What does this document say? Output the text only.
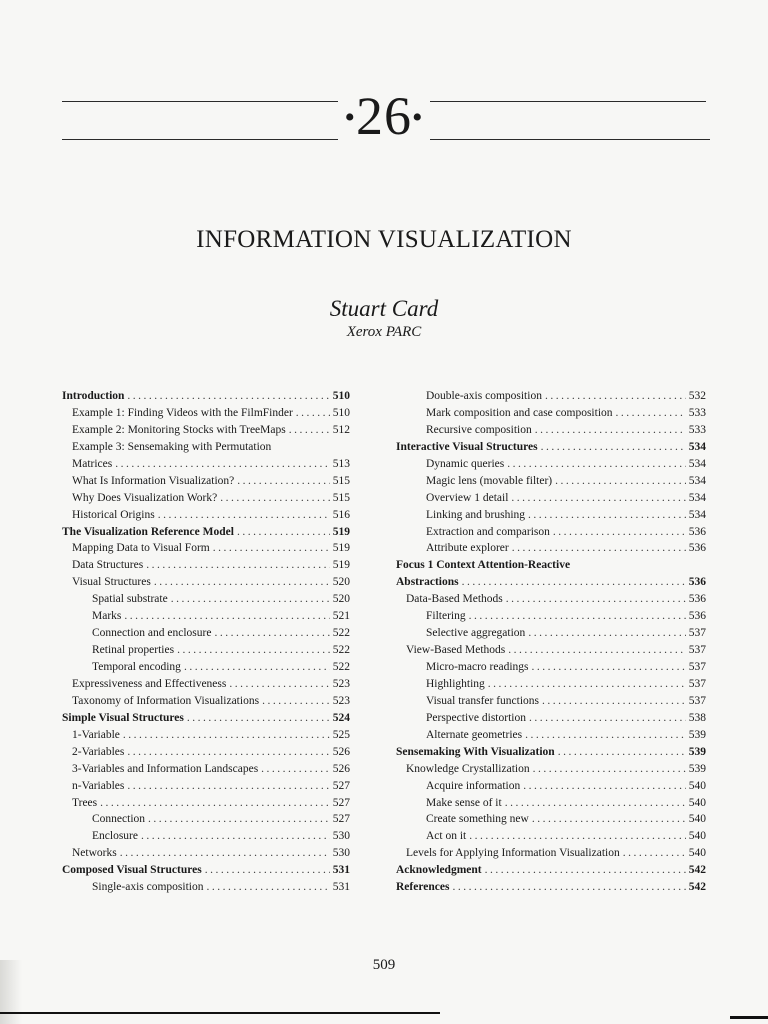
•26•
INFORMATION VISUALIZATION
Stuart Card
Xerox PARC
Introduction .....	510
Example 1: Finding Videos with the FilmFinder .....	510
Example 2: Monitoring Stocks with TreeMaps .....	512
Example 3: Sensemaking with Permutation
Matrices .....	513
What Is Information Visualization? .....	515
Why Does Visualization Work? .....	515
Historical Origins .....	516
The Visualization Reference Model .....	519
Mapping Data to Visual Form .....	519
Data Structures .....	519
Visual Structures .....	520
Spatial substrate .....	520
Marks .....	521
Connection and enclosure .....	522
Retinal properties .....	522
Temporal encoding .....	522
Expressiveness and Effectiveness .....	523
Taxonomy of Information Visualizations .....	523
Simple Visual Structures .....	524
1-Variable .....	525
2-Variables .....	526
3-Variables and Information Landscapes .....	526
n-Variables .....	527
Trees .....	527
Connection .....	527
Enclosure .....	530
Networks .....	530
Composed Visual Structures .....	531
Single-axis composition .....	531
Double-axis composition .....	532
Mark composition and case composition .....	533
Recursive composition .....	533
Interactive Visual Structures .....	534
Dynamic queries .....	534
Magic lens (movable filter) .....	534
Overview 1 detail .....	534
Linking and brushing .....	534
Extraction and comparison .....	536
Attribute explorer .....	536
Focus 1 Context Attention-Reactive
Abstractions .....	536
Data-Based Methods .....	536
Filtering .....	536
Selective aggregation .....	537
View-Based Methods .....	537
Micro-macro readings .....	537
Highlighting .....	537
Visual transfer functions .....	537
Perspective distortion .....	538
Alternate geometries .....	539
Sensemaking With Visualization .....	539
Knowledge Crystallization .....	539
Acquire information .....	540
Make sense of it .....	540
Create something new .....	540
Act on it .....	540
Levels for Applying Information Visualization .....	540
Acknowledgment .....	542
References .....	542
509
